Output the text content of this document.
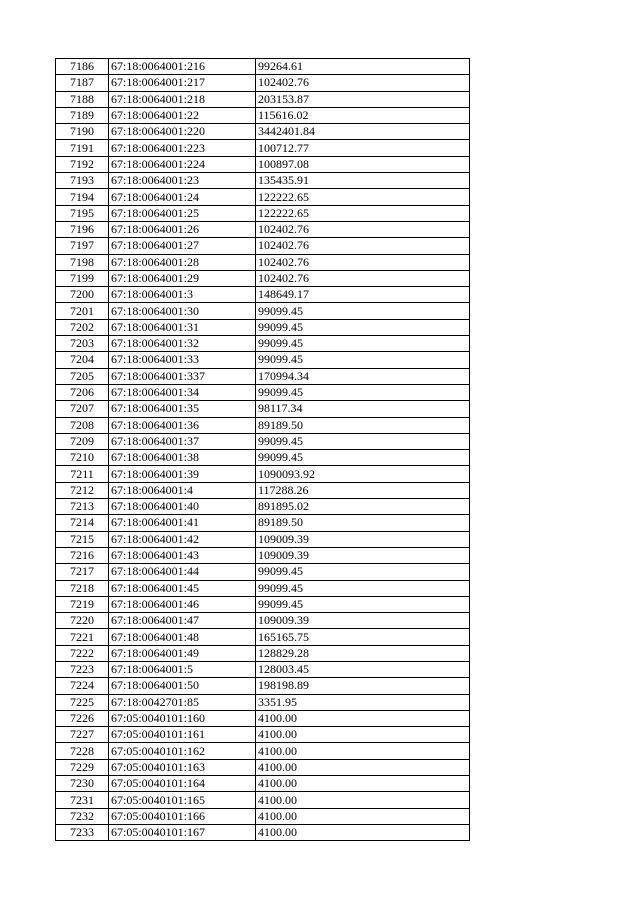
7186	67:18:0064001:216	99264.61
7187	67:18:0064001:217	102402.76
7188	67:18:0064001:218	203153.87
7189	67:18:0064001:22	115616.02
7190	67:18:0064001:220	3442401.84
7191	67:18:0064001:223	100712.77
7192	67:18:0064001:224	100897.08
7193	67:18:0064001:23	135435.91
7194	67:18:0064001:24	122222.65
7195	67:18:0064001:25	122222.65
7196	67:18:0064001:26	102402.76
7197	67:18:0064001:27	102402.76
7198	67:18:0064001:28	102402.76
7199	67:18:0064001:29	102402.76
7200	67:18:0064001:3	148649.17
7201	67:18:0064001:30	99099.45
7202	67:18:0064001:31	99099.45
7203	67:18:0064001:32	99099.45
7204	67:18:0064001:33	99099.45
7205	67:18:0064001:337	170994.34
7206	67:18:0064001:34	99099.45
7207	67:18:0064001:35	98117.34
7208	67:18:0064001:36	89189.50
7209	67:18:0064001:37	99099.45
7210	67:18:0064001:38	99099.45
7211	67:18:0064001:39	1090093.92
7212	67:18:0064001:4	117288.26
7213	67:18:0064001:40	891895.02
7214	67:18:0064001:41	89189.50
7215	67:18:0064001:42	109009.39
7216	67:18:0064001:43	109009.39
7217	67:18:0064001:44	99099.45
7218	67:18:0064001:45	99099.45
7219	67:18:0064001:46	99099.45
7220	67:18:0064001:47	109009.39
7221	67:18:0064001:48	165165.75
7222	67:18:0064001:49	128829.28
7223	67:18:0064001:5	128003.45
7224	67:18:0064001:50	198198.89
7225	67:18:0042701:85	3351.95
7226	67:05:0040101:160	4100.00
7227	67:05:0040101:161	4100.00
7228	67:05:0040101:162	4100.00
7229	67:05:0040101:163	4100.00
7230	67:05:0040101:164	4100.00
7231	67:05:0040101:165	4100.00
7232	67:05:0040101:166	4100.00
7233	67:05:0040101:167	4100.00
